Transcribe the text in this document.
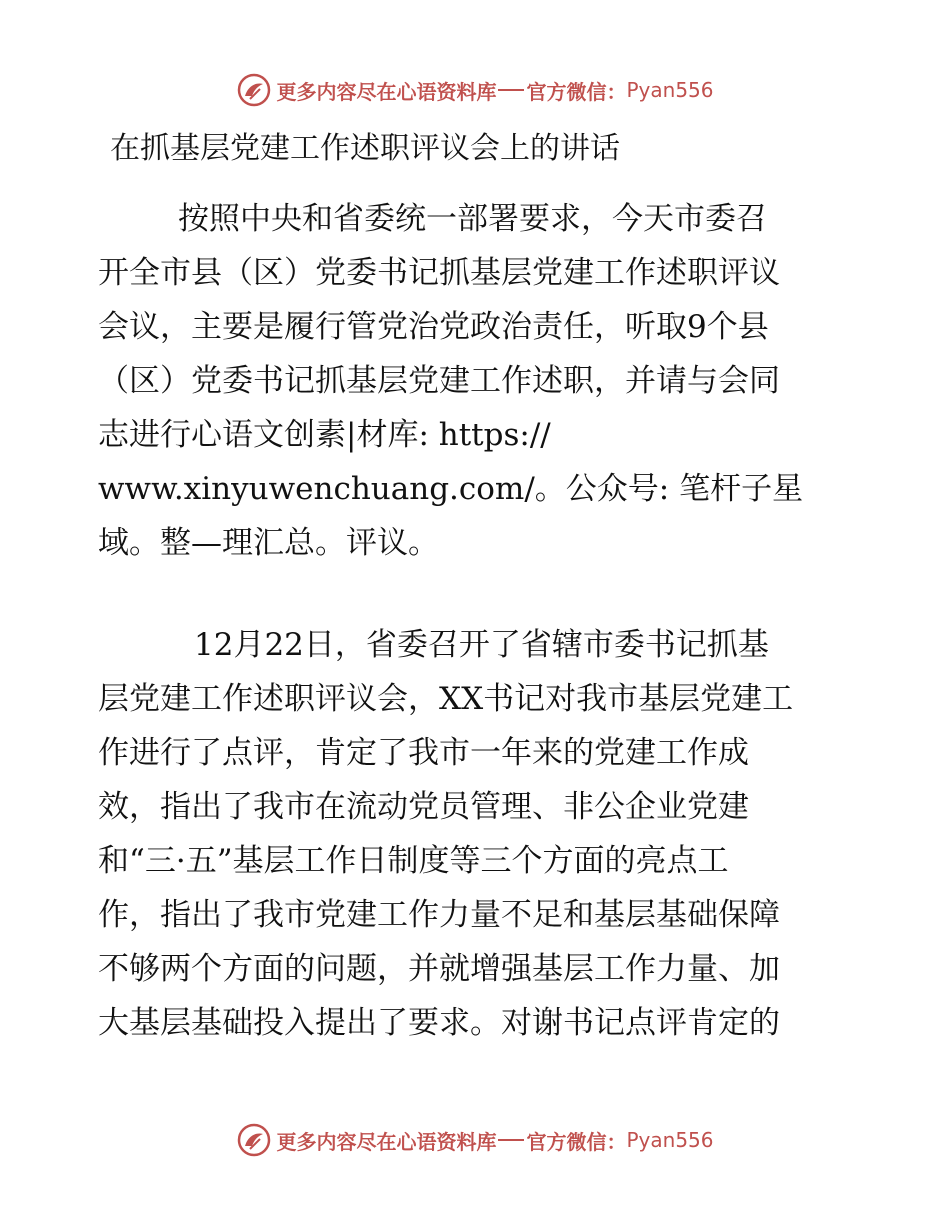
更多内容尽在心语资料库 官方微信： Pyan556
在抓基层党建工作述职评议会上的讲话
按照中央和省委统一部署要求，今天市委召
开全市县（区）党委书记抓基层党建工作述职评议
会议，主要是履行管党治党政治责任，听取9个县
（区）党委书记抓基层党建工作述职，并请与会同
志进行心语文创素|材库: https://
www.xinyuwenchuang.com/。公众号: 笔杆子星
域。整—理汇总。评议。
12月22日，省委召开了省辖市委书记抓基
层党建工作述职评议会，XX书记对我市基层党建工
作进行了点评，肯定了我市一年来的党建工作成
效，指出了我市在流动党员管理、非公企业党建
和“三·五”基层工作日制度等三个方面的亮点工
作，指出了我市党建工作力量不足和基层基础保障
不够两个方面的问题，并就增强基层工作力量、加
大基层基础投入提出了要求。对谢书记点评肯定的
更多内容尽在心语资料库 官方微信： Pyan556
